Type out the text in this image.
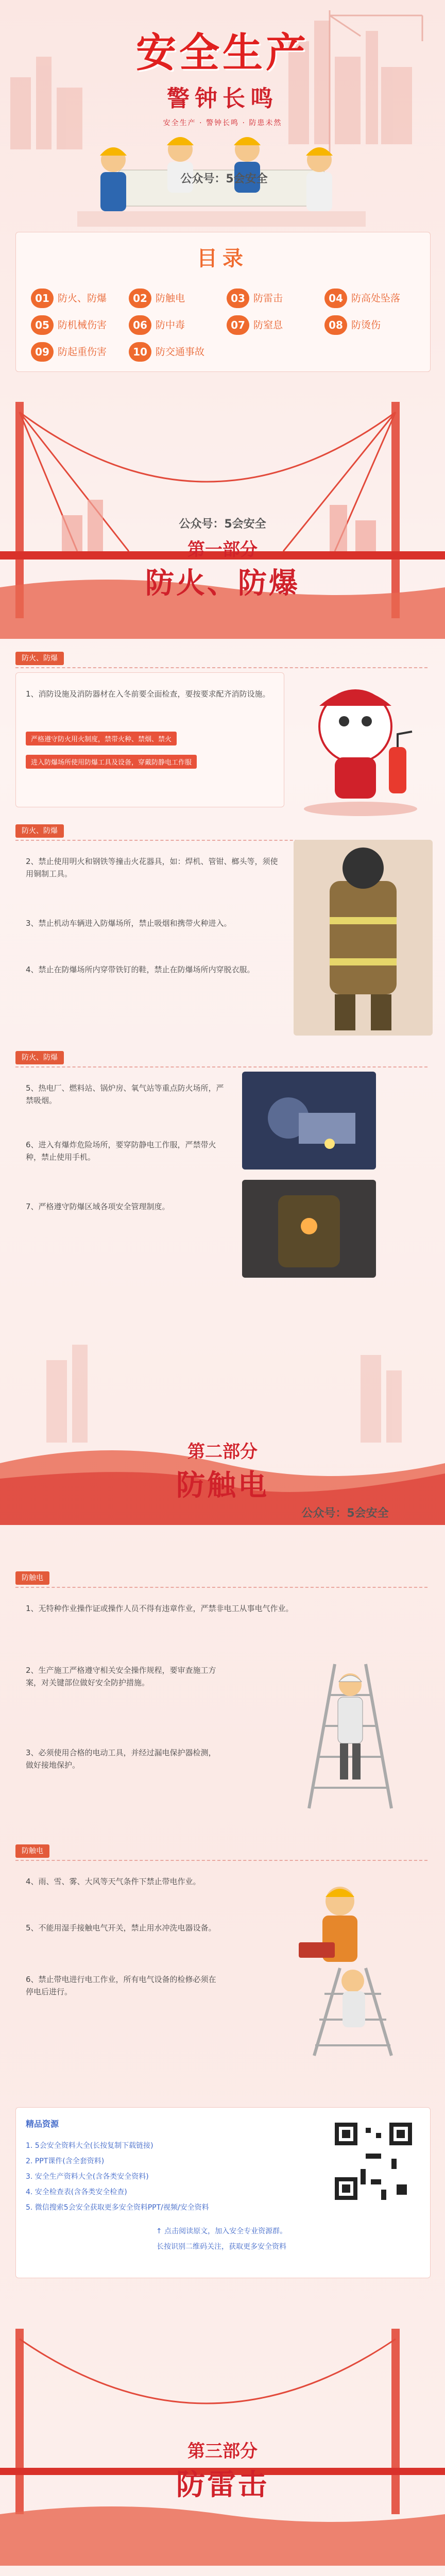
安全生产
警钟长鸣
安全生产 · 警钟长鸣 · 防患未然
公众号：5会安全
目录
01 防火、防爆	02 防触电	03 防雷击	04 防高处坠落
05 防机械伤害	06 防中毒	07 防窒息	08 防烫伤
09 防起重伤害	10 防交通事故
公众号：5会安全
第一部分
防火、防爆
防火、防爆
1、消防设施及消防器材在入冬前要全面检查，要按要求配齐消防设施。
严格遵守防火用火制度，禁带火种、禁烟、禁火
进入防爆场所使用防爆工具及设备，穿戴防静电工作服
防火、防爆
2、禁止使用明火和钢铁等撞击火花器具，如：焊机、管钳、榔头等，须使用铜制工具。
3、禁止机动车辆进入防爆场所，禁止吸烟和携带火种进入。
4、禁止在防爆场所内穿带铁钉的鞋，禁止在防爆场所内穿脱衣服。
防火、防爆
5、热电厂、燃料站、锅炉房、氧气站等重点防火场所，严禁吸烟。
6、进入有爆炸危险场所，要穿防静电工作服，严禁带火种，禁止使用手机。
7、严格遵守防爆区域各项安全管理制度。
第二部分
防触电
公众号：5会安全
防触电
1、无特种作业操作证或操作人员不得有违章作业，严禁非电工从事电气作业。
2、生产施工严格遵守相关安全操作规程，要审查施工方案，对关键部位做好安全防护措施。
3、必须使用合格的电动工具，并经过漏电保护器检测，做好接地保护。
防触电
4、雨、雪、雾、大风等天气条件下禁止带电作业。
5、不能用湿手接触电气开关，禁止用水冲洗电器设备。
6、禁止带电进行电工作业，所有电气设备的检修必须在停电后进行。
精品资源
1. 5会安全资料大全(长按复制下载链接)
2. PPT课件(含全套资料)
3. 安全生产资料大全(含各类安全资料)
4. 安全检查表(含各类安全检查)
5. 微信搜索5会安全获取更多安全资料PPT/视频/安全资料
↑ 点击阅读原文，加入安全专业资源群。
长按识别二维码关注，获取更多安全资料
第三部分
防雷击
